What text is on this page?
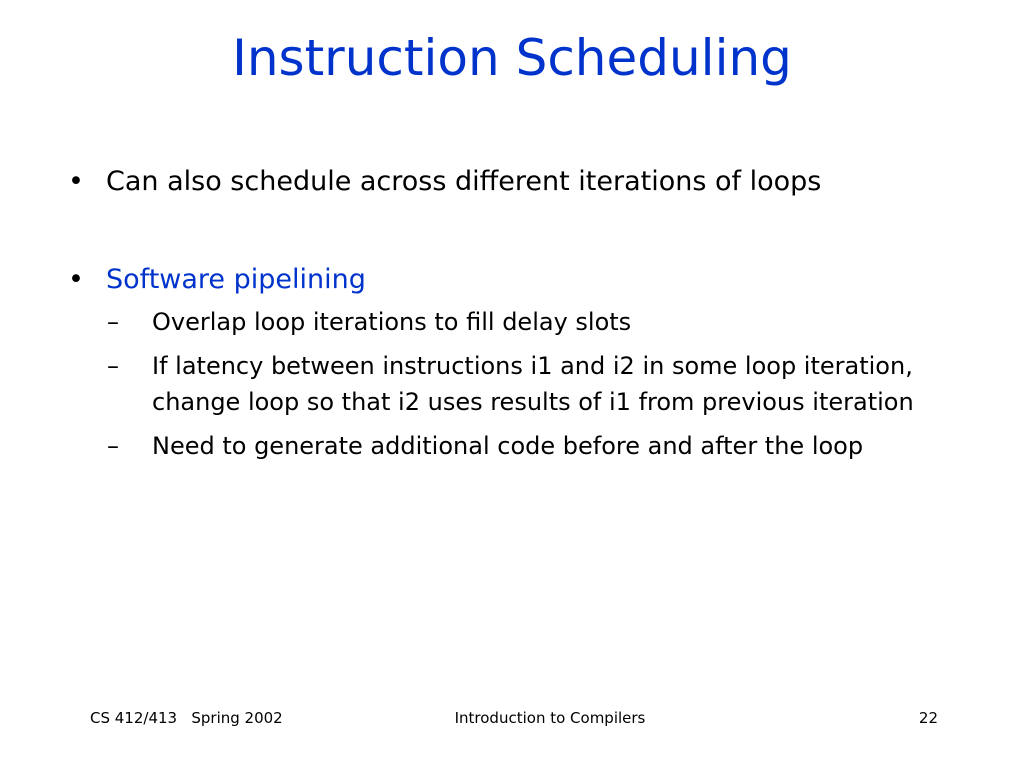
Instruction Scheduling
• Can also schedule across different iterations of loops
• Software pipelining
– Overlap loop iterations to fill delay slots
– If latency between instructions i1 and i2 in some loop iteration, change loop so that i2 uses results of i1 from previous iteration
– Need to generate additional code before and after the loop
CS 412/413   Spring 2002	Introduction to Compilers	22
